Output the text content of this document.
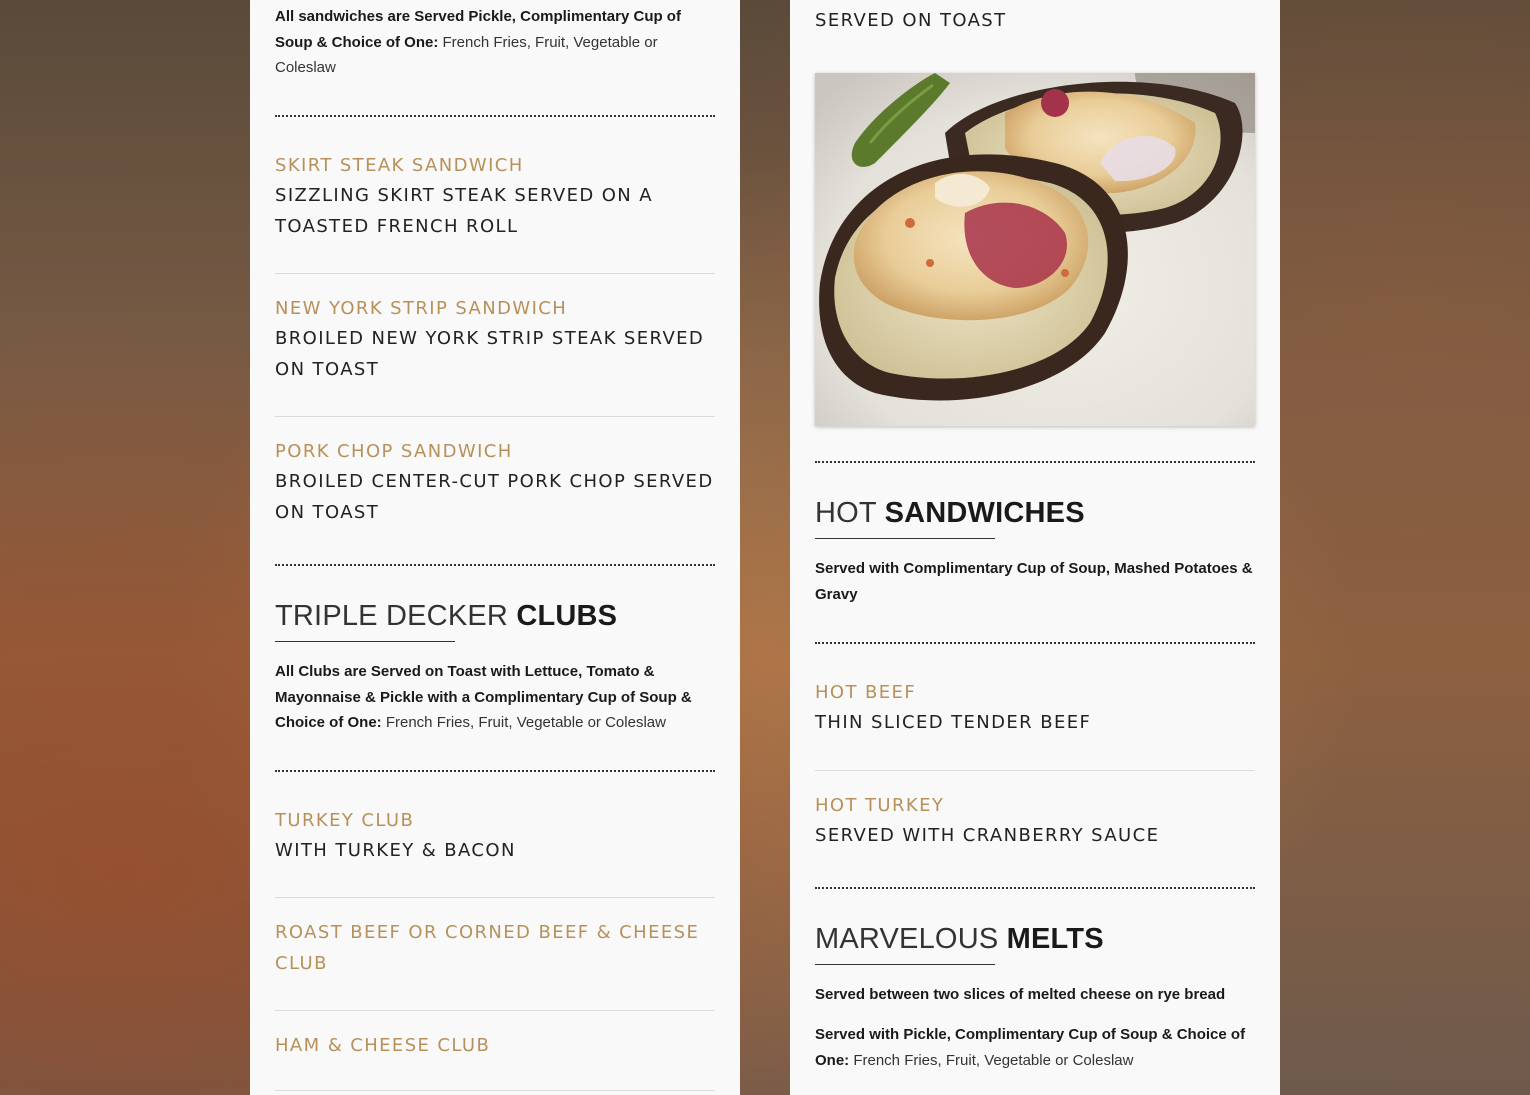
All sandwiches are Served Pickle, Complimentary Cup of Soup & Choice of One: French Fries, Fruit, Vegetable or Coleslaw

SKIRT STEAK SANDWICH

SIZZLING SKIRT STEAK SERVED ON A
TOASTED FRENCH ROLL

NEW YORK STRIP SANDWICH

BROILED NEW YORK STRIP STEAK SERVED
ON TOAST

PORK CHOP SANDWICH

BROILED CENTER-CUT PORK CHOP SERVED
ON TOAST

TRIPLE DECKER CLUBS

All Clubs are Served on Toast with Lettuce, Tomato & Mayonnaise & Pickle with a Complimentary Cup of Soup & Choice of One: French Fries, Fruit, Vegetable or Coleslaw

TURKEY CLUB

WITH TURKEY & BACON

ROAST BEEF OR CORNED BEEF & CHEESE
CLUB

HAM & CHEESE CLUB

SERVED ON TOAST

HOT SANDWICHES

Served with Complimentary Cup of Soup, Mashed Potatoes & Gravy

HOT BEEF

THIN SLICED TENDER BEEF

HOT TURKEY

SERVED WITH CRANBERRY SAUCE

MARVELOUS MELTS

Served between two slices of melted cheese on rye bread

Served with Pickle, Complimentary Cup of Soup & Choice of One: French Fries, Fruit, Vegetable or Coleslaw
